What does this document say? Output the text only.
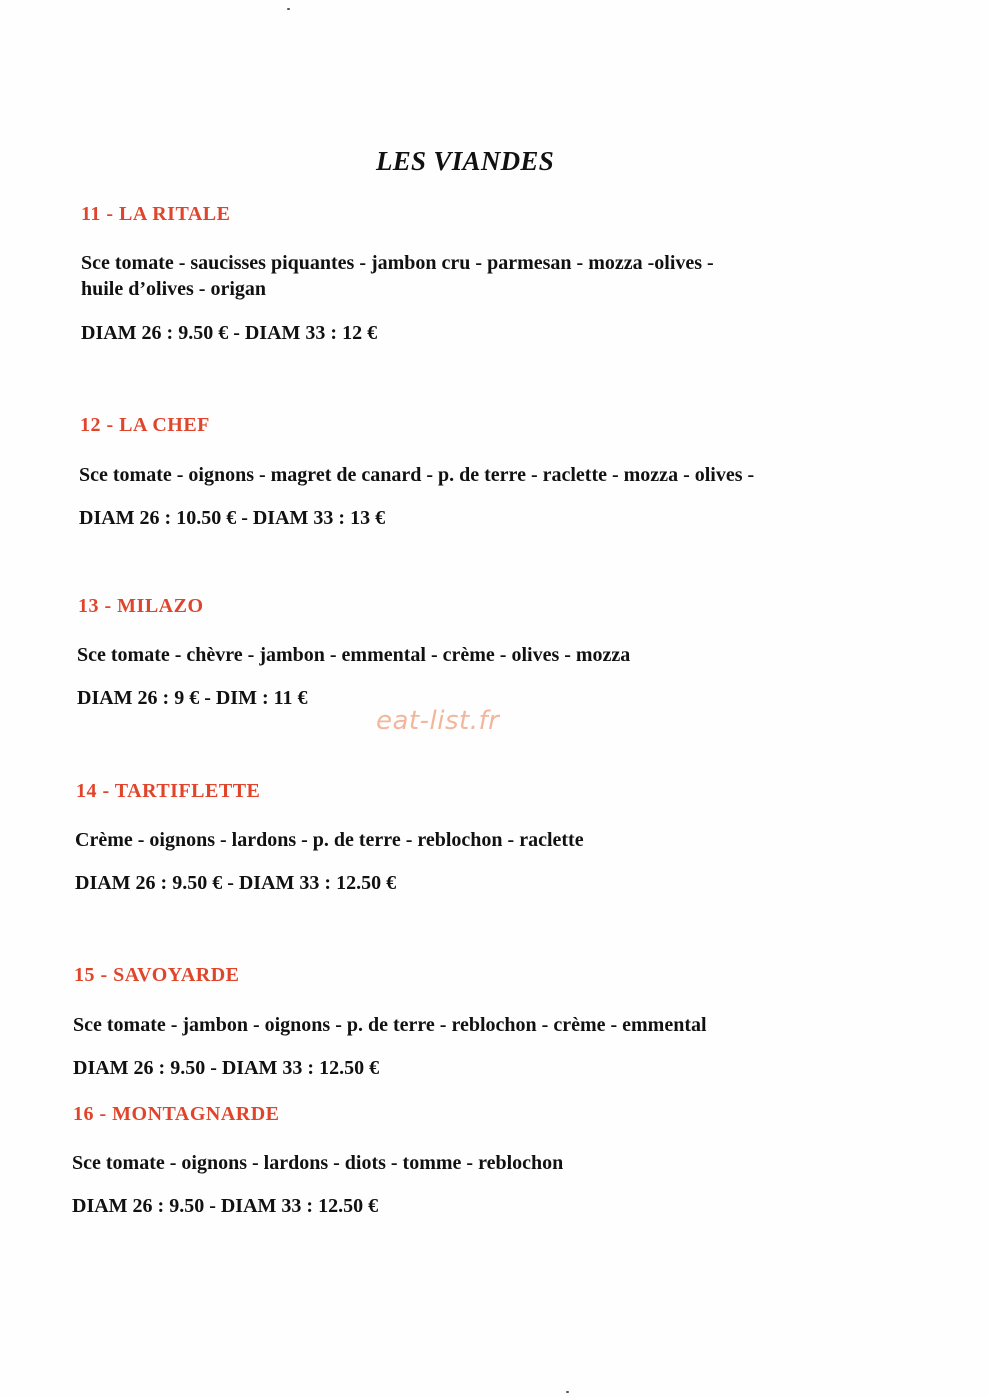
LES VIANDES
11 - LA RITALE
Sce tomate - saucisses piquantes - jambon cru - parmesan - mozza -olives -
huile d’olives - origan
DIAM 26 : 9.50 € - DIAM 33 : 12 €
12 - LA CHEF
Sce tomate - oignons - magret de canard - p. de terre - raclette - mozza - olives -
DIAM 26 : 10.50 € - DIAM 33 : 13 €
13 - MILAZO
Sce tomate - chèvre - jambon - emmental - crème - olives - mozza
DIAM 26 : 9 € - DIM : 11 €
eat-list.fr
14 - TARTIFLETTE
Crème - oignons - lardons - p. de terre - reblochon - raclette
DIAM 26 : 9.50 € - DIAM 33 : 12.50 €
15 - SAVOYARDE
Sce tomate - jambon - oignons - p. de terre - reblochon - crème - emmental
DIAM 26 : 9.50 - DIAM 33 : 12.50 €
16 - MONTAGNARDE
Sce tomate - oignons - lardons - diots - tomme - reblochon
DIAM 26 : 9.50 - DIAM 33 : 12.50 €
